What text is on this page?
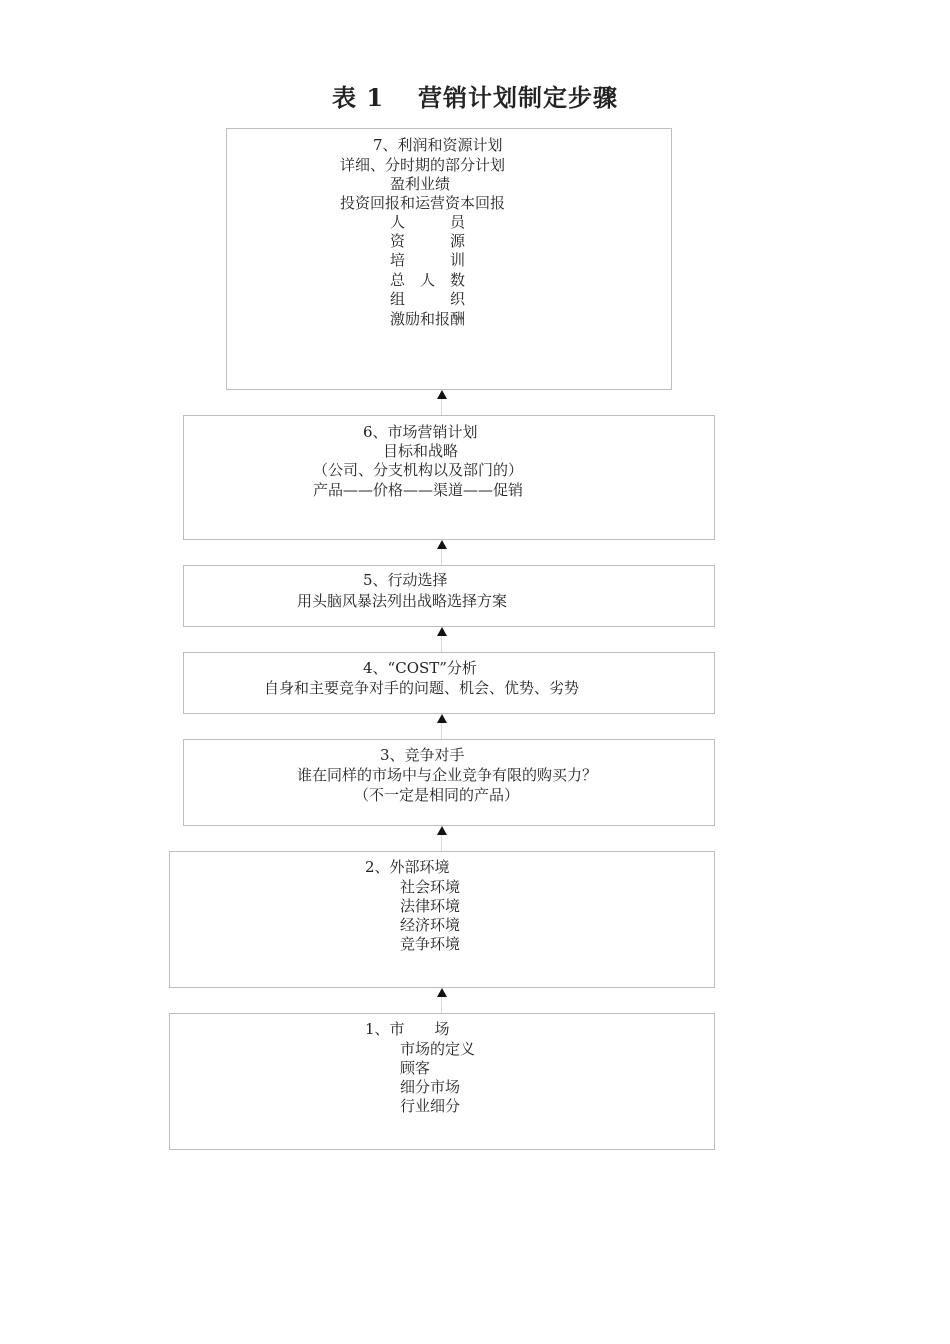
表 1 营销计划制定步骤
7、利润和资源计划
详细、分时期的部分计划
盈利业绩
投资回报和运营资本回报
人　　　员
资　　　源
培　　　训
总　人　数
组　　　织
激励和报酬
6、市场营销计划
目标和战略
（公司、分支机构以及部门的）
产品——价格——渠道——促销
5、行动选择
用头脑风暴法列出战略选择方案
4、“COST”分析
自身和主要竞争对手的问题、机会、优势、劣势
3、竞争对手
谁在同样的市场中与企业竞争有限的购买力？
（不一定是相同的产品）
2、外部环境
社会环境
法律环境
经济环境
竞争环境
1、市　　场
市场的定义
顾客
细分市场
行业细分
